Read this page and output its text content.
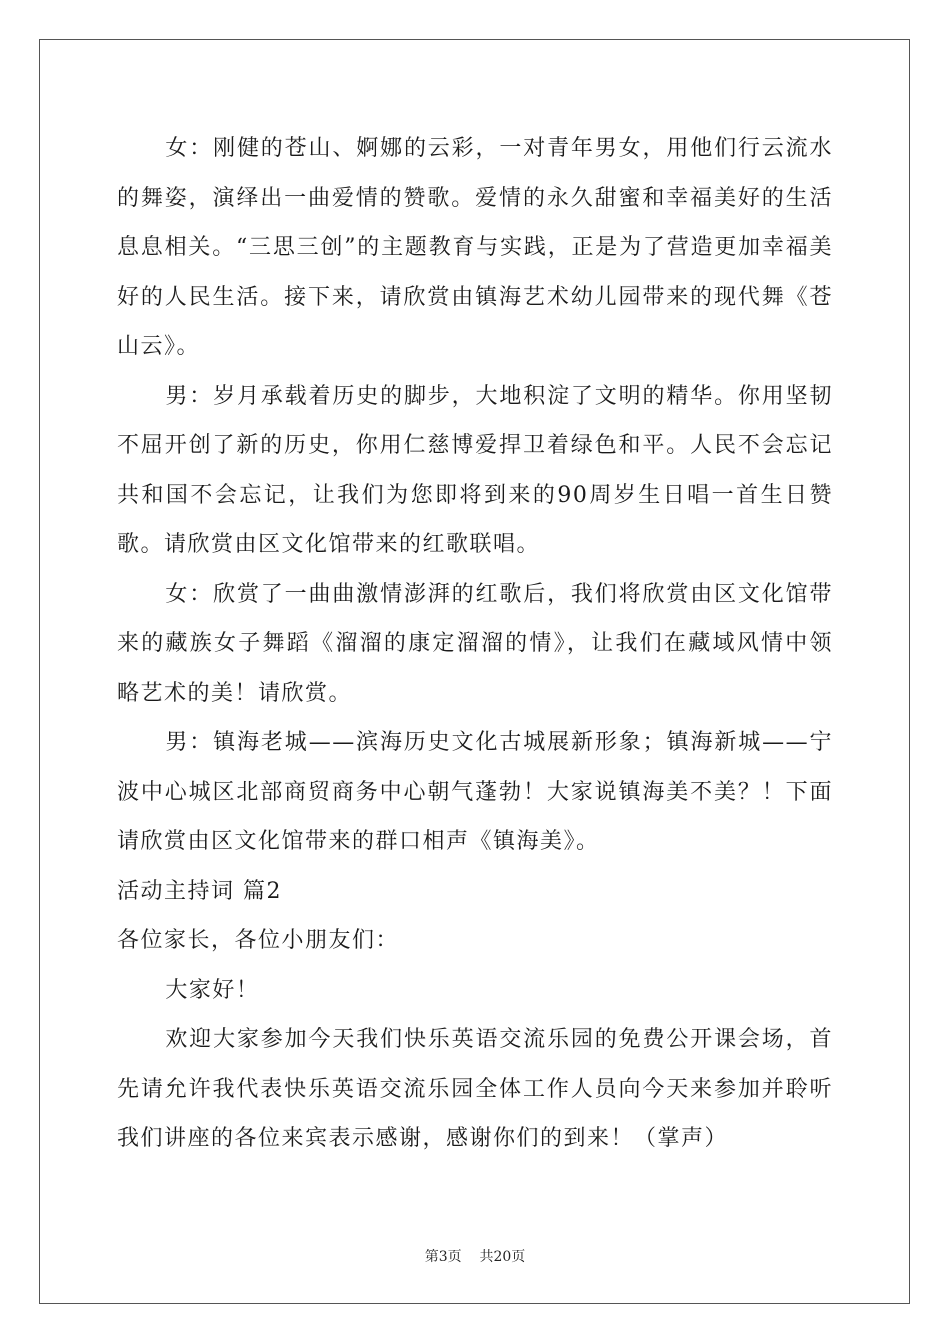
女：刚健的苍山、婀娜的云彩，一对青年男女，用他们行云流水的舞姿，演绎出一曲爱情的赞歌。爱情的永久甜蜜和幸福美好的生活息息相关。“三思三创”的主题教育与实践，正是为了营造更加幸福美好的人民生活。接下来，请欣赏由镇海艺术幼儿园带来的现代舞《苍山云》。

男：岁月承载着历史的脚步，大地积淀了文明的精华。你用坚韧不屈开创了新的历史，你用仁慈博爱捍卫着绿色和平。人民不会忘记共和国不会忘记，让我们为您即将到来的90周岁生日唱一首生日赞歌。请欣赏由区文化馆带来的红歌联唱。

女：欣赏了一曲曲激情澎湃的红歌后，我们将欣赏由区文化馆带来的藏族女子舞蹈《溜溜的康定溜溜的情》，让我们在藏域风情中领略艺术的美！请欣赏。

男：镇海老城——滨海历史文化古城展新形象；镇海新城——宁波中心城区北部商贸商务中心朝气蓬勃！大家说镇海美不美？！下面请欣赏由区文化馆带来的群口相声《镇海美》。

活动主持词 篇2

各位家长，各位小朋友们：

大家好！

欢迎大家参加今天我们快乐英语交流乐园的免费公开课会场，首先请允许我代表快乐英语交流乐园全体工作人员向今天来参加并聆听我们讲座的各位来宾表示感谢，感谢你们的到来！（掌声）

第3页 共20页
